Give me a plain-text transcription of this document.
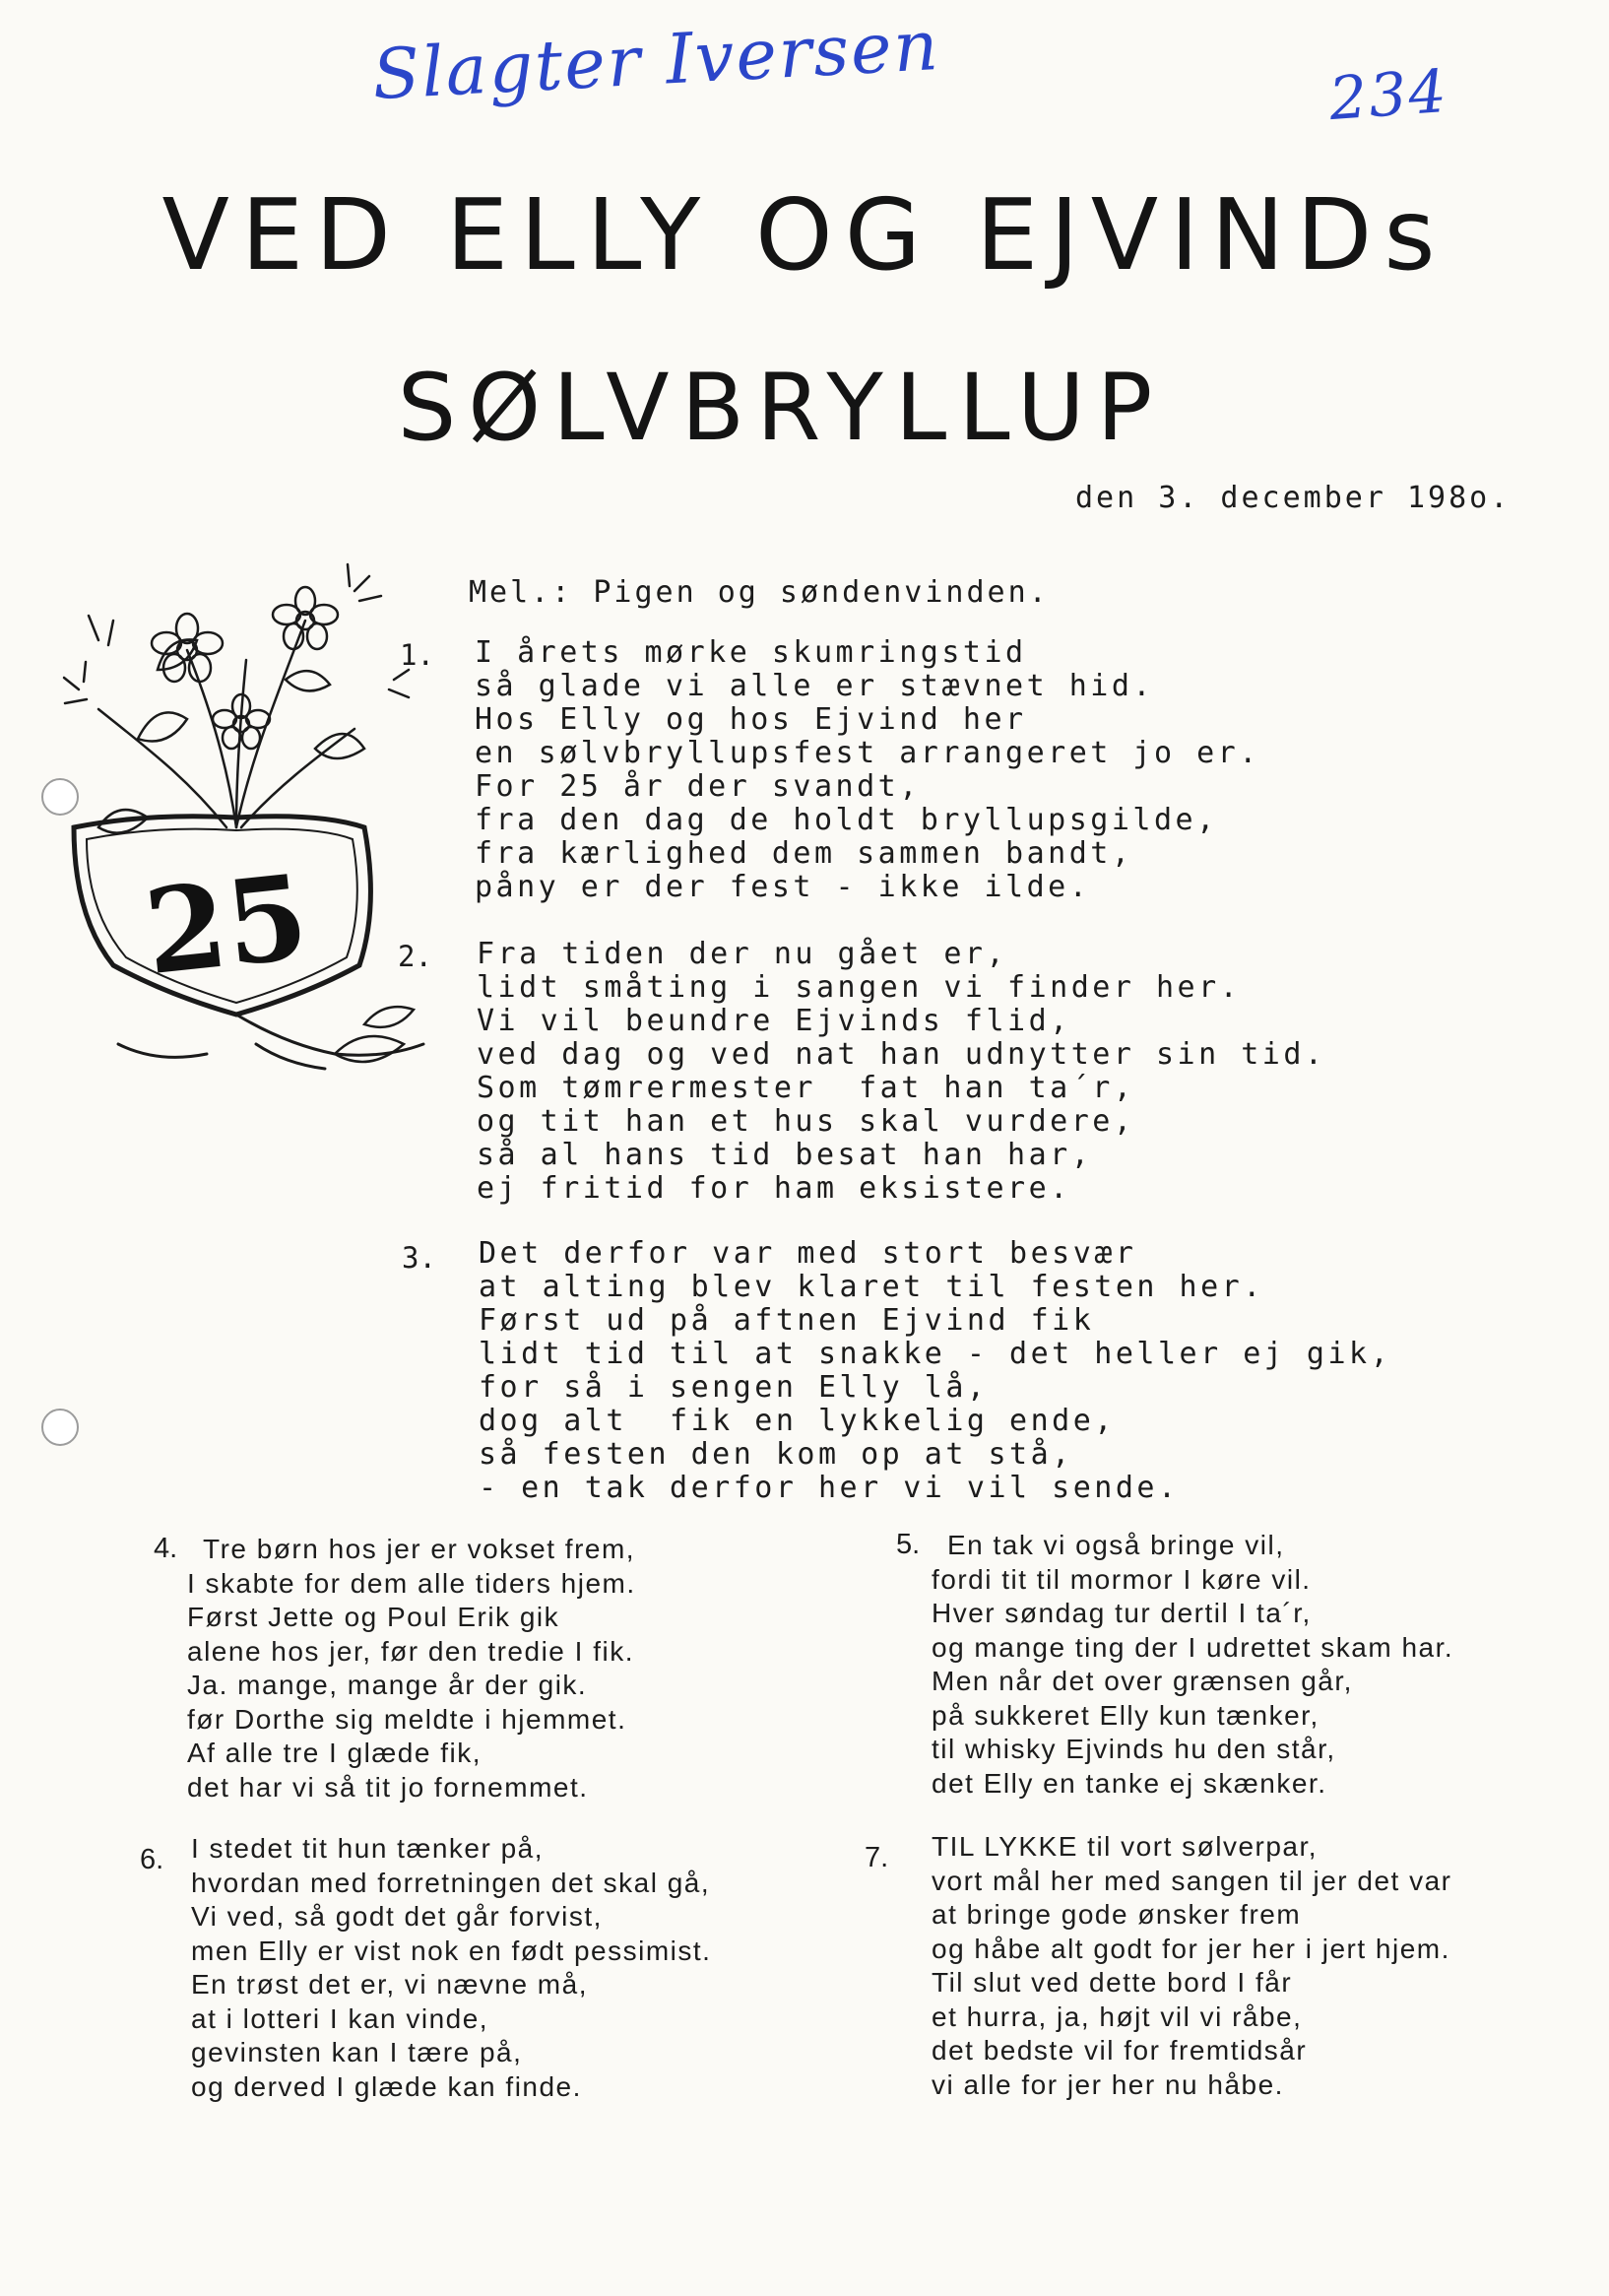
Slagter Iversen	234
VED ELLY OG EJVINDs
SØLVBRYLLUP
den 3. december 198o.
Mel.: Pigen og søndenvinden.
25
1. I årets mørke skumringstid
så glade vi alle er stævnet hid.
Hos Elly og hos Ejvind her
en sølvbryllupsfest arrangeret jo er.
For 25 år der svandt,
fra den dag de holdt bryllupsgilde,
fra kærlighed dem sammen bandt,
påny er der fest - ikke ilde.
2. Fra tiden der nu gået er,
lidt småting i sangen vi finder her.
Vi vil beundre Ejvinds flid,
ved dag og ved nat han udnytter sin tid.
Som tømrermester  fat han ta´r,
og tit han et hus skal vurdere,
så al hans tid besat han har,
ej fritid for ham eksistere.
3. Det derfor var med stort besvær
at alting blev klaret til festen her.
Først ud på aftnen Ejvind fik
lidt tid til at snakke - det heller ej gik,
for så i sengen Elly lå,
dog alt  fik en lykkelig ende,
så festen den kom op at stå,
- en tak derfor her vi vil sende.
4. Tre børn hos jer er vokset frem,
I skabte for dem alle tiders hjem.
Først Jette og Poul Erik gik
alene hos jer, før den tredie I fik.
Ja. mange, mange år der gik.
før Dorthe sig meldte i hjemmet.
Af alle tre I glæde fik,
det har vi så tit jo fornemmet.
5. En tak vi også bringe vil,
fordi tit til mormor I køre vil.
Hver søndag tur dertil I ta´r,
og mange ting der I udrettet skam har.
Men når det over grænsen går,
på sukkeret Elly kun tænker,
til whisky Ejvinds hu den står,
det Elly en tanke ej skænker.
6. I stedet tit hun tænker på,
hvordan med forretningen det skal gå,
Vi ved, så godt det går forvist,
men Elly er vist nok en født pessimist.
En trøst det er, vi nævne må,
at i lotteri I kan vinde,
gevinsten kan I tære på,
og derved I glæde kan finde.
7. TIL LYKKE til vort sølverpar,
vort mål her med sangen til jer det var
at bringe gode ønsker frem
og håbe alt godt for jer her i jert hjem.
Til slut ved dette bord I får
et hurra, ja, højt vil vi råbe,
det bedste vil for fremtidsår
vi alle for jer her nu håbe.
